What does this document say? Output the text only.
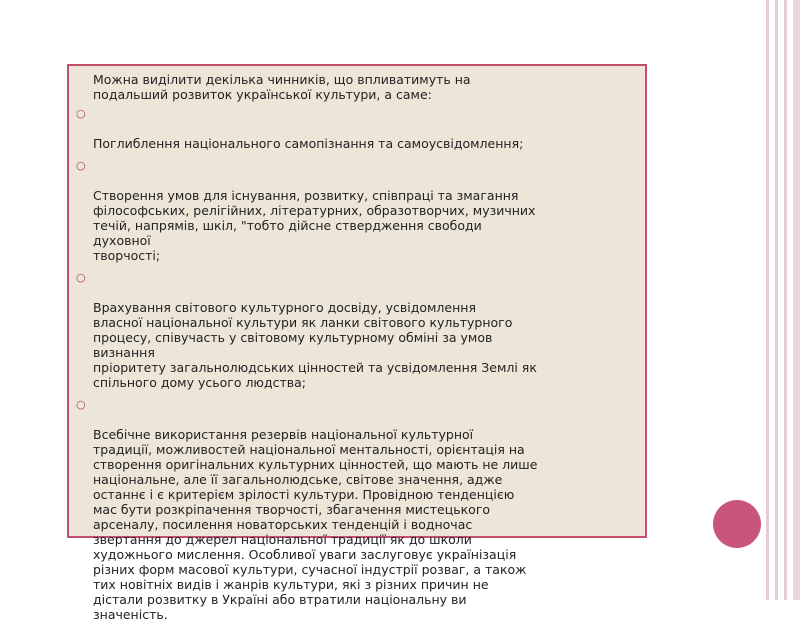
Можна виділити декілька чинників, що впливатимуть на
подальший розвиток української культури, а саме:

○

Поглиблення національного самопізнання та самоусвідомлення;

○

Створення умов для існування, розвитку, співпраці та змагання
філософських, релігійних, літературних, образотворчих, музичних
течій, напрямів, шкіл, "тобто дійсне ствердження свободи
духовної
творчості;

○

Врахування світового культурного досвіду, усвідомлення
власної національної культури як ланки світового культурного
процесу, співучасть у світовому культурному обміні за умов
визнання
пріоритету загальнолюдських цінностей та усвідомлення Землі як
спільного дому усього людства;

○

Всебічне використання резервів національної культурної
традиції, можливостей національної ментальності, орієнтація на
створення оригінальних культурних цінностей, що мають не лише
національне, але її загальнолюдське, світове значення, адже
останнє і є критерієм зрілості культури. Провідною тенденцією
мас бути розкріпачення творчості, збагачення мистецького
арсеналу, посилення новаторських тенденцій і водночас
звертання до джерел національної традиції як до школи
художнього мислення. Особливої уваги заслуговує українізація
різних форм масової культури, сучасної індустрії розваг, а також
тих новітніх видів і жанрів культури, які з різних причин не
дістали розвитку в Україні або втратили національну ви
значеність.
